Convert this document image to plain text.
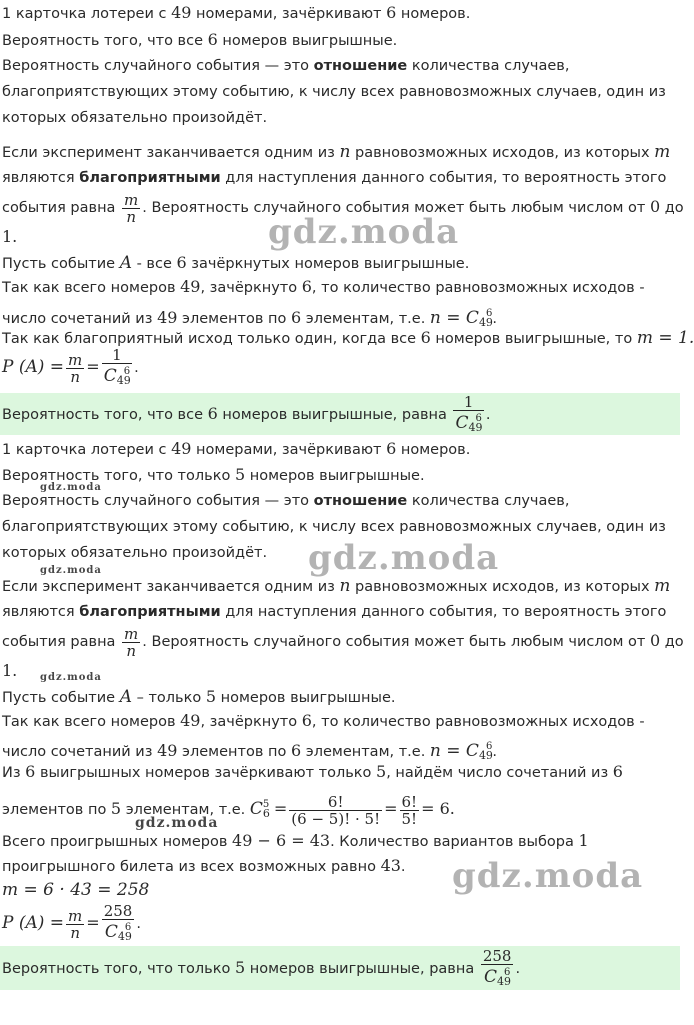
1 карточка лотереи с 49 номерами, зачёркивают 6 номеров.
Вероятность того, что все 6 номеров выигрышные.
Вероятность случайного события — это отношение количества случаев,
благоприятствующих этому событию, к числу всех равновозможных случаев, один из
которых обязательно произойдёт.
Если эксперимент заканчивается одним из n равновозможных исходов, из которых m
являются благоприятными для наступления данного события, то вероятность этого
события равна $\frac{m}{n}$ . Вероятность случайного события может быть любым числом от 0 до
1.
Пусть событие A - все 6 зачёркнутых номеров выигрышные.
Так как всего номеров 49, зачёркнуто 6, то количество равновозможных исходов -
число сочетаний из 49 элементов по 6 элементам, т.е. $n = C_{49}^6$.
Так как благоприятный исход только один, когда все 6 номеров выигрышные, то m = 1.
P $(A) = \frac{m}{n} = \frac{1}{C_{49}^6}$ .
Вероятность того, что все 6 номеров выигрышные, равна $\frac{1}{C_{49}^6}$ .
1 карточка лотереи с 49 номерами, зачёркивают 6 номеров.
Вероятность того, что только 5 номеров выигрышные.
Вероятность случайного события — это отношение количества случаев,
благоприятствующих этому событию, к числу всех равновозможных случаев, один из
которых обязательно произойдёт.
Если эксперимент заканчивается одним из n равновозможных исходов, из которых m
являются благоприятными для наступления данного события, то вероятность этого
события равна $\frac{m}{n}$ . Вероятность случайного события может быть любым числом от 0 до
1.
Пусть событие A – только 5 номеров выигрышные.
Так как всего номеров 49, зачёркнуто 6, то количество равновозможных исходов -
число сочетаний из 49 элементов по 6 элементам, т.е. $n = C_{49}^6$.
Из 6 выигрышных номеров зачёркивают только 5, найдём число сочетаний из 6
элементов по 5 элементам, т.е. $C_6^5 = \frac{6!}{(6 - 5)! \cdot 5!} = \frac{6!}{5!} = 6$.
Всего проигрышных номеров 49 − 6 = 43. Количество вариантов выбора 1
проигрышного билета из всех возможных равно 43.
m = 6 · 43 = 258
P $(A) = \frac{m}{n} = \frac{258}{C_{49}^6}$ .
Вероятность того, что только 5 номеров выигрышные, равна $\frac{258}{C_{49}^6}$ .
gdz.moda
gdz.moda
gdz.moda
gdz.moda
gdz.moda
gdz.moda
gdz.moda
